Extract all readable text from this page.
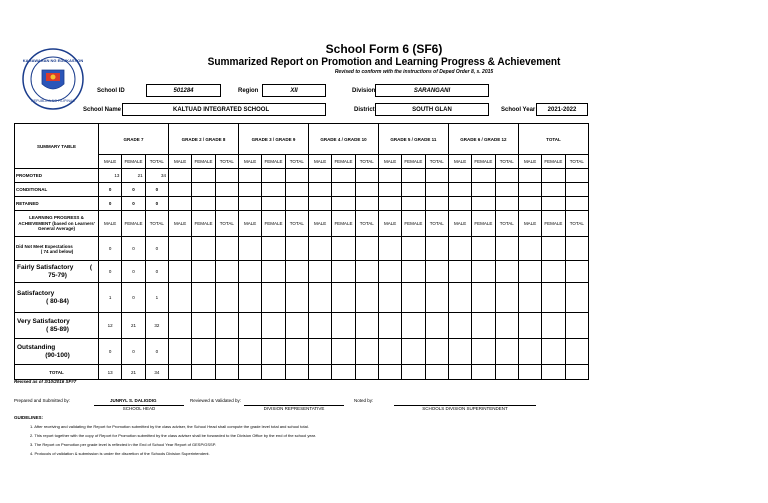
KAGAWARAN NG EDUKASYON
REPUBLIKA NG PILIPINAS
School Form 6 (SF6)
Summarized Report on Promotion and Learning Progress & Achievement
Revised to conform with the instructions of Deped Order 8, s. 2015
School ID	501284	Region	XII	Division	SARANGANI
School Name	KALTUAD INTEGRATED SCHOOL	District	SOUTH GLAN	School Year	2021-2022
SUMMARY TABLE	GRADE 7			GRADE 2 / GRADE 8			GRADE 3 / GRADE 9			GRADE 4 / GRADE 10			GRADE 5 / GRADE 11			GRADE 6 / GRADE 12			TOTAL		
	MALE	FEMALE	TOTAL	MALE	FEMALE	TOTAL	MALE	FEMALE	TOTAL	MALE	FEMALE	TOTAL	MALE	FEMALE	TOTAL	MALE	FEMALE	TOTAL	MALE	FEMALE	TOTAL
PROMOTED	13	21	34																		
CONDITIONAL	0	0	0																		
RETAINED	0	0	0																		
LEARNING PROGRESS & ACHIEVEMENT (based on Learners' General Average)	MALE	FEMALE	TOTAL	MALE	FEMALE	TOTAL	MALE	FEMALE	TOTAL	MALE	FEMALE	TOTAL	MALE	FEMALE	TOTAL	MALE	FEMALE	TOTAL	MALE	FEMALE	TOTAL

Did Not Meet Expectations
( 74 and below)	0	0	0																		

(
Fairly Satisfactory
75-79)	0	0	0																		

Satisfactory
( 80-84)	1	0	1																		

Very Satisfactory
( 85-89)	12	21	32																		

Outstanding
(90-100)	0	0	0																		
TOTAL	13	21	34																		
Revised as of 3/10/2016 SF#7
Prepared and Submitted by:	JUNRYL S. DALIGDIG
SCHOOL HEAD
Reviewed & Validated by:
DIVISION REPRESENTATIVE
Noted by:
SCHOOLS DIVISION SUPERINTENDENT
GUIDELINES:
1. After receiving and validating the Report for Promotion submitted by the class adviser, the School Head shall compute the grade level total and school total.
2. This report together with the copy of Report for Promotion submitted by the class adviser shall be forwarded to the Division Office by the end of the school year.
3. The Report on Promotion per grade level is reflected in the End of School Year Report of GESP/GSSP.
4. Protocols of validation & submission is under the discretion of the Schools Division Superintendent.
